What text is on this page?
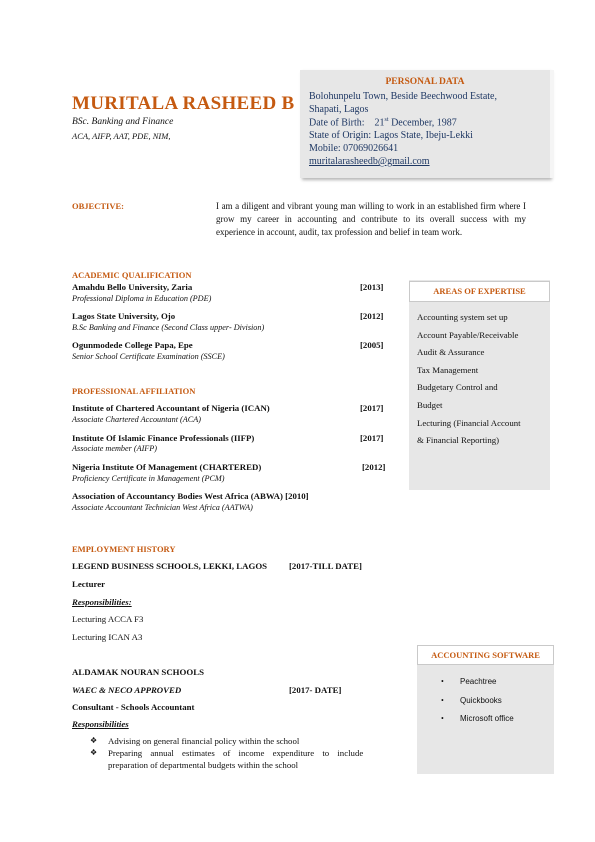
MURITALA RASHEED B
BSc. Banking and Finance
ACA, AIFP, AAT, PDE, NIM,
PERSONAL DATA
Bolohunpelu Town, Beside Beechwood Estate,
Shapati, Lagos
Date of Birth: 21st December, 1987
State of Origin: Lagos State, Ibeju-Lekki
Mobile: 07069026641
muritalarasheedb@gmail.com
OBJECTIVE:	I am a diligent and vibrant young man willing to work in an established firm where I grow my career in accounting and contribute to its overall success with my experience in account, audit, tax profession and belief in team work.
ACADEMIC QUALIFICATION
Amahdu Bello University, Zaria	[2013]
Professional Diploma in Education (PDE)
Lagos State University, Ojo	[2012]
B.Sc Banking and Finance (Second Class upper- Division)
Ogunmodede College Papa, Epe	[2005]
Senior School Certificate Examination (SSCE)
PROFESSIONAL AFFILIATION
Institute of Chartered Accountant of Nigeria (ICAN)	[2017]
Associate Chartered Accountant (ACA)
Institute Of Islamic Finance Professionals (IIFP)	[2017]
Associate member (AIFP)
Nigeria Institute Of Management (CHARTERED)	[2012]
Proficiency Certificate in Management (PCM)
Association of Accountancy Bodies West Africa (ABWA) [2010]
Associate Accountant Technician West Africa (AATWA)
AREAS OF EXPERTISE
Accounting system set up
Account Payable/Receivable
Audit & Assurance
Tax Management
Budgetary Control and
Budget
Lecturing (Financial Account
& Financial Reporting)
EMPLOYMENT HISTORY
LEGEND BUSINESS SCHOOLS, LEKKI, LAGOS [2017-TILL DATE]
Lecturer
Responsibilities:
Lecturing ACCA F3
Lecturing ICAN A3
ALDAMAK NOURAN SCHOOLS
WAEC & NECO APPROVED	[2017- DATE]
Consultant - Schools Accountant
Responsibilities
❖ Advising on general financial policy within the school
❖ Preparing annual estimates of income expenditure to include
preparation of departmental budgets within the school
ACCOUNTING SOFTWARE
• Peachtree
• Quickbooks
• Microsoft office
